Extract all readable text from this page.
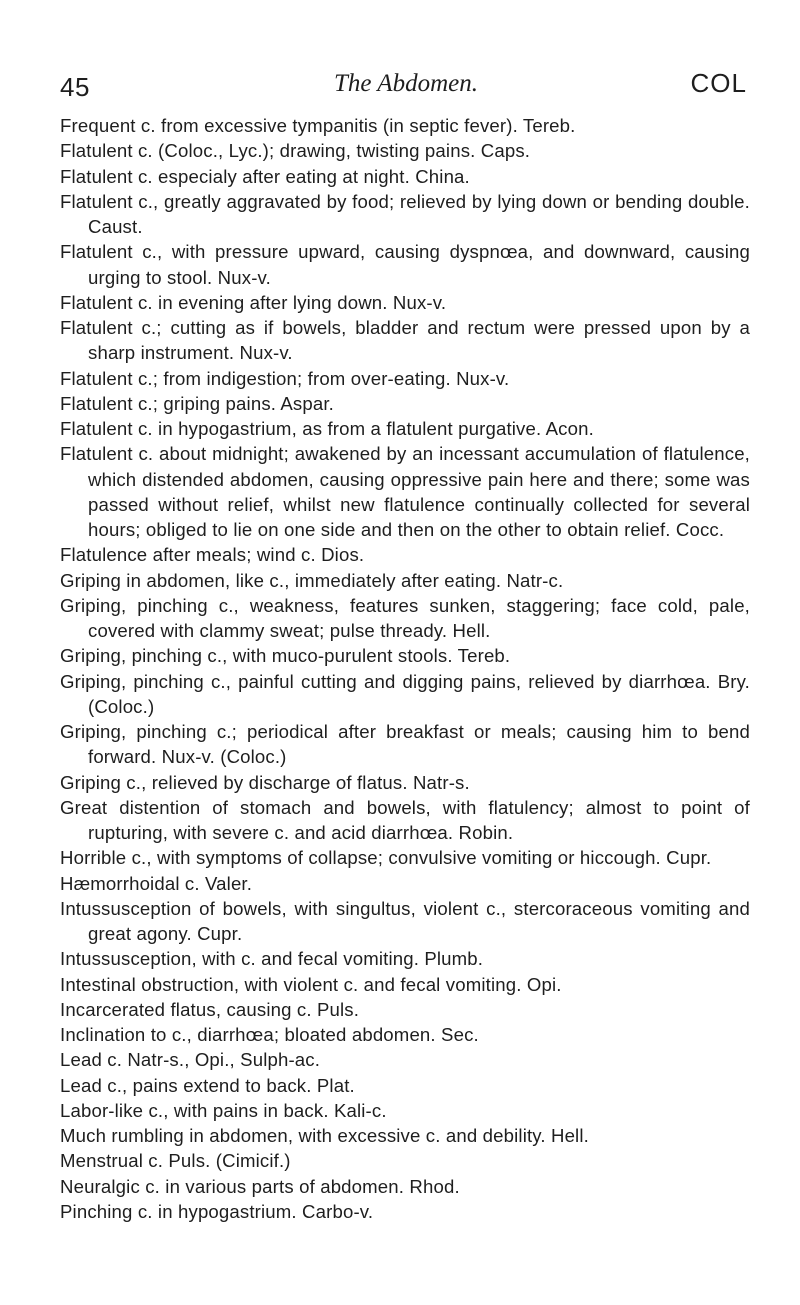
45	The Abdomen.	COL

Frequent c. from excessive tympanitis (in septic fever). Tereb.

Flatulent c. (Coloc., Lyc.); drawing, twisting pains. Caps.

Flatulent c. especialy after eating at night. China.

Flatulent c., greatly aggravated by food; relieved by lying down or bending double. Caust.

Flatulent c., with pressure upward, causing dyspnœa, and downward, causing urging to stool. Nux-v.

Flatulent c. in evening after lying down. Nux-v.

Flatulent c.; cutting as if bowels, bladder and rectum were pressed upon by a sharp instrument. Nux-v.

Flatulent c.; from indigestion; from over-eating. Nux-v.

Flatulent c.; griping pains. Aspar.

Flatulent c. in hypogastrium, as from a flatulent purgative. Acon.

Flatulent c. about midnight; awakened by an incessant accumulation of flatulence, which distended abdomen, causing oppressive pain here and there; some was passed without relief, whilst new flatulence continually collected for several hours; obliged to lie on one side and then on the other to obtain relief. Cocc.

Flatulence after meals; wind c. Dios.

Griping in abdomen, like c., immediately after eating. Natr-c.

Griping, pinching c., weakness, features sunken, staggering; face cold, pale, covered with clammy sweat; pulse thready. Hell.

Griping, pinching c., with muco-purulent stools. Tereb.

Griping, pinching c., painful cutting and digging pains, relieved by diarrhœa. Bry. (Coloc.)

Griping, pinching c.; periodical after breakfast or meals; causing him to bend forward. Nux-v. (Coloc.)

Griping c., relieved by discharge of flatus. Natr-s.

Great distention of stomach and bowels, with flatulency; almost to point of rupturing, with severe c. and acid diarrhœa. Robin.

Horrible c., with symptoms of collapse; convulsive vomiting or hiccough. Cupr.

Hæmorrhoidal c. Valer.

Intussusception of bowels, with singultus, violent c., stercoraceous vomiting and great agony. Cupr.

Intussusception, with c. and fecal vomiting. Plumb.

Intestinal obstruction, with violent c. and fecal vomiting. Opi.

Incarcerated flatus, causing c. Puls.

Inclination to c., diarrhœa; bloated abdomen. Sec.

Lead c. Natr-s., Opi., Sulph-ac.

Lead c., pains extend to back. Plat.

Labor-like c., with pains in back. Kali-c.

Much rumbling in abdomen, with excessive c. and debility. Hell.

Menstrual c. Puls. (Cimicif.)

Neuralgic c. in various parts of abdomen. Rhod.

Pinching c. in hypogastrium. Carbo-v.
